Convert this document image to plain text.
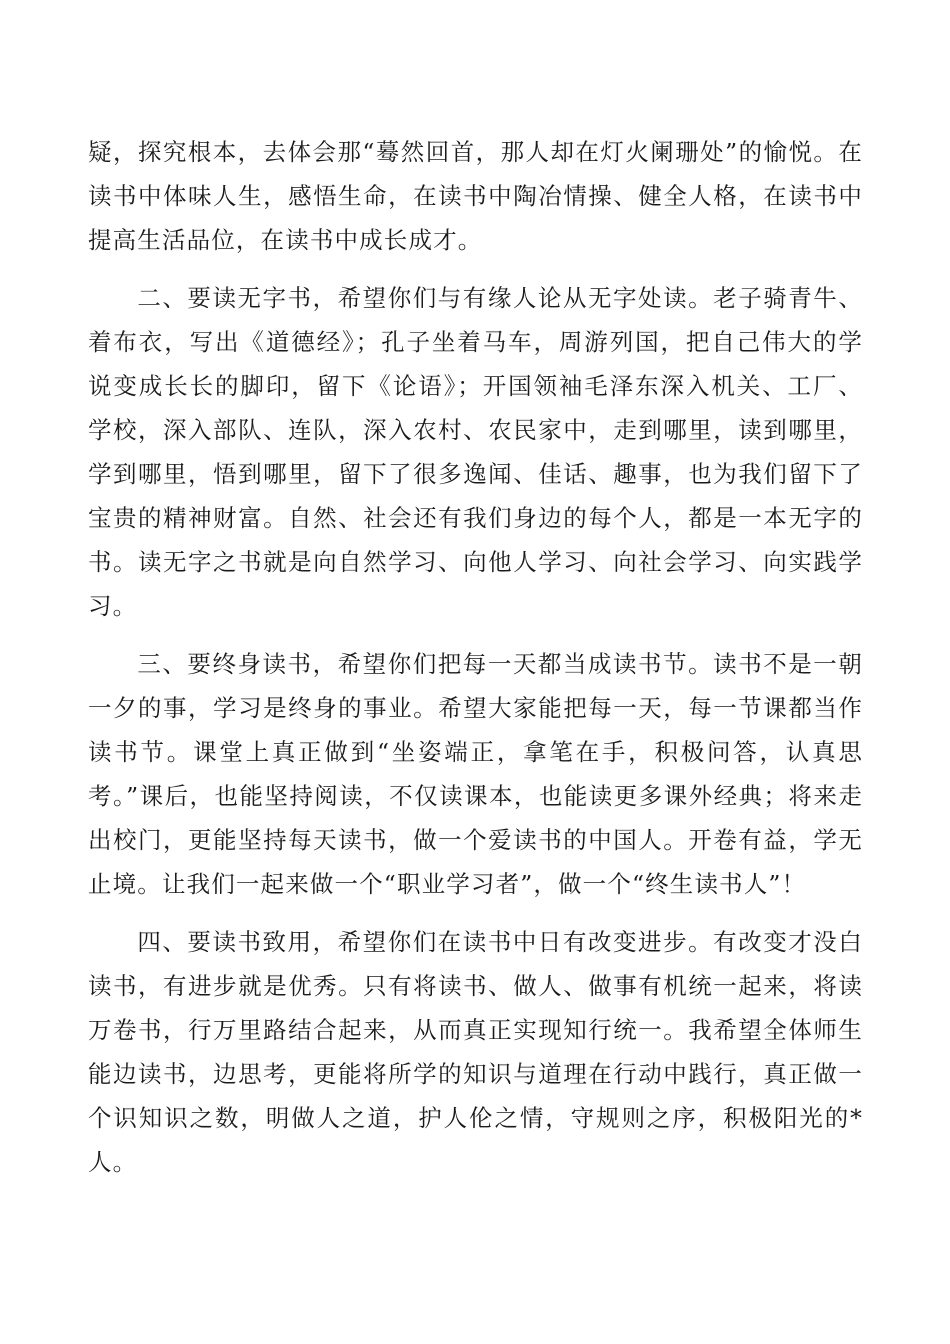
疑，探究根本，去体会那“蓦然回首，那人却在灯火阑珊处”的愉悦。在读书中体味人生，感悟生命，在读书中陶冶情操、健全人格，在读书中提高生活品位，在读书中成长成才。

二、要读无字书，希望你们与有缘人论从无字处读。老子骑青牛、着布衣，写出《道德经》；孔子坐着马车，周游列国，把自己伟大的学说变成长长的脚印，留下《论语》；开国领袖毛泽东深入机关、工厂、学校，深入部队、连队，深入农村、农民家中，走到哪里，读到哪里，学到哪里，悟到哪里，留下了很多逸闻、佳话、趣事，也为我们留下了宝贵的精神财富。自然、社会还有我们身边的每个人，都是一本无字的书。读无字之书就是向自然学习、向他人学习、向社会学习、向实践学习。

三、要终身读书，希望你们把每一天都当成读书节。读书不是一朝一夕的事，学习是终身的事业。希望大家能把每一天，每一节课都当作读书节。课堂上真正做到“坐姿端正，拿笔在手，积极问答，认真思考。”课后，也能坚持阅读，不仅读课本，也能读更多课外经典；将来走出校门，更能坚持每天读书，做一个爱读书的中国人。开卷有益，学无止境。让我们一起来做一个“职业学习者”，做一个“终生读书人”！

四、要读书致用，希望你们在读书中日有改变进步。有改变才没白读书，有进步就是优秀。只有将读书、做人、做事有机统一起来，将读万卷书，行万里路结合起来，从而真正实现知行统一。我希望全体师生能边读书，边思考，更能将所学的知识与道理在行动中践行，真正做一个识知识之数，明做人之道，护人伦之情，守规则之序，积极阳光的*人。
